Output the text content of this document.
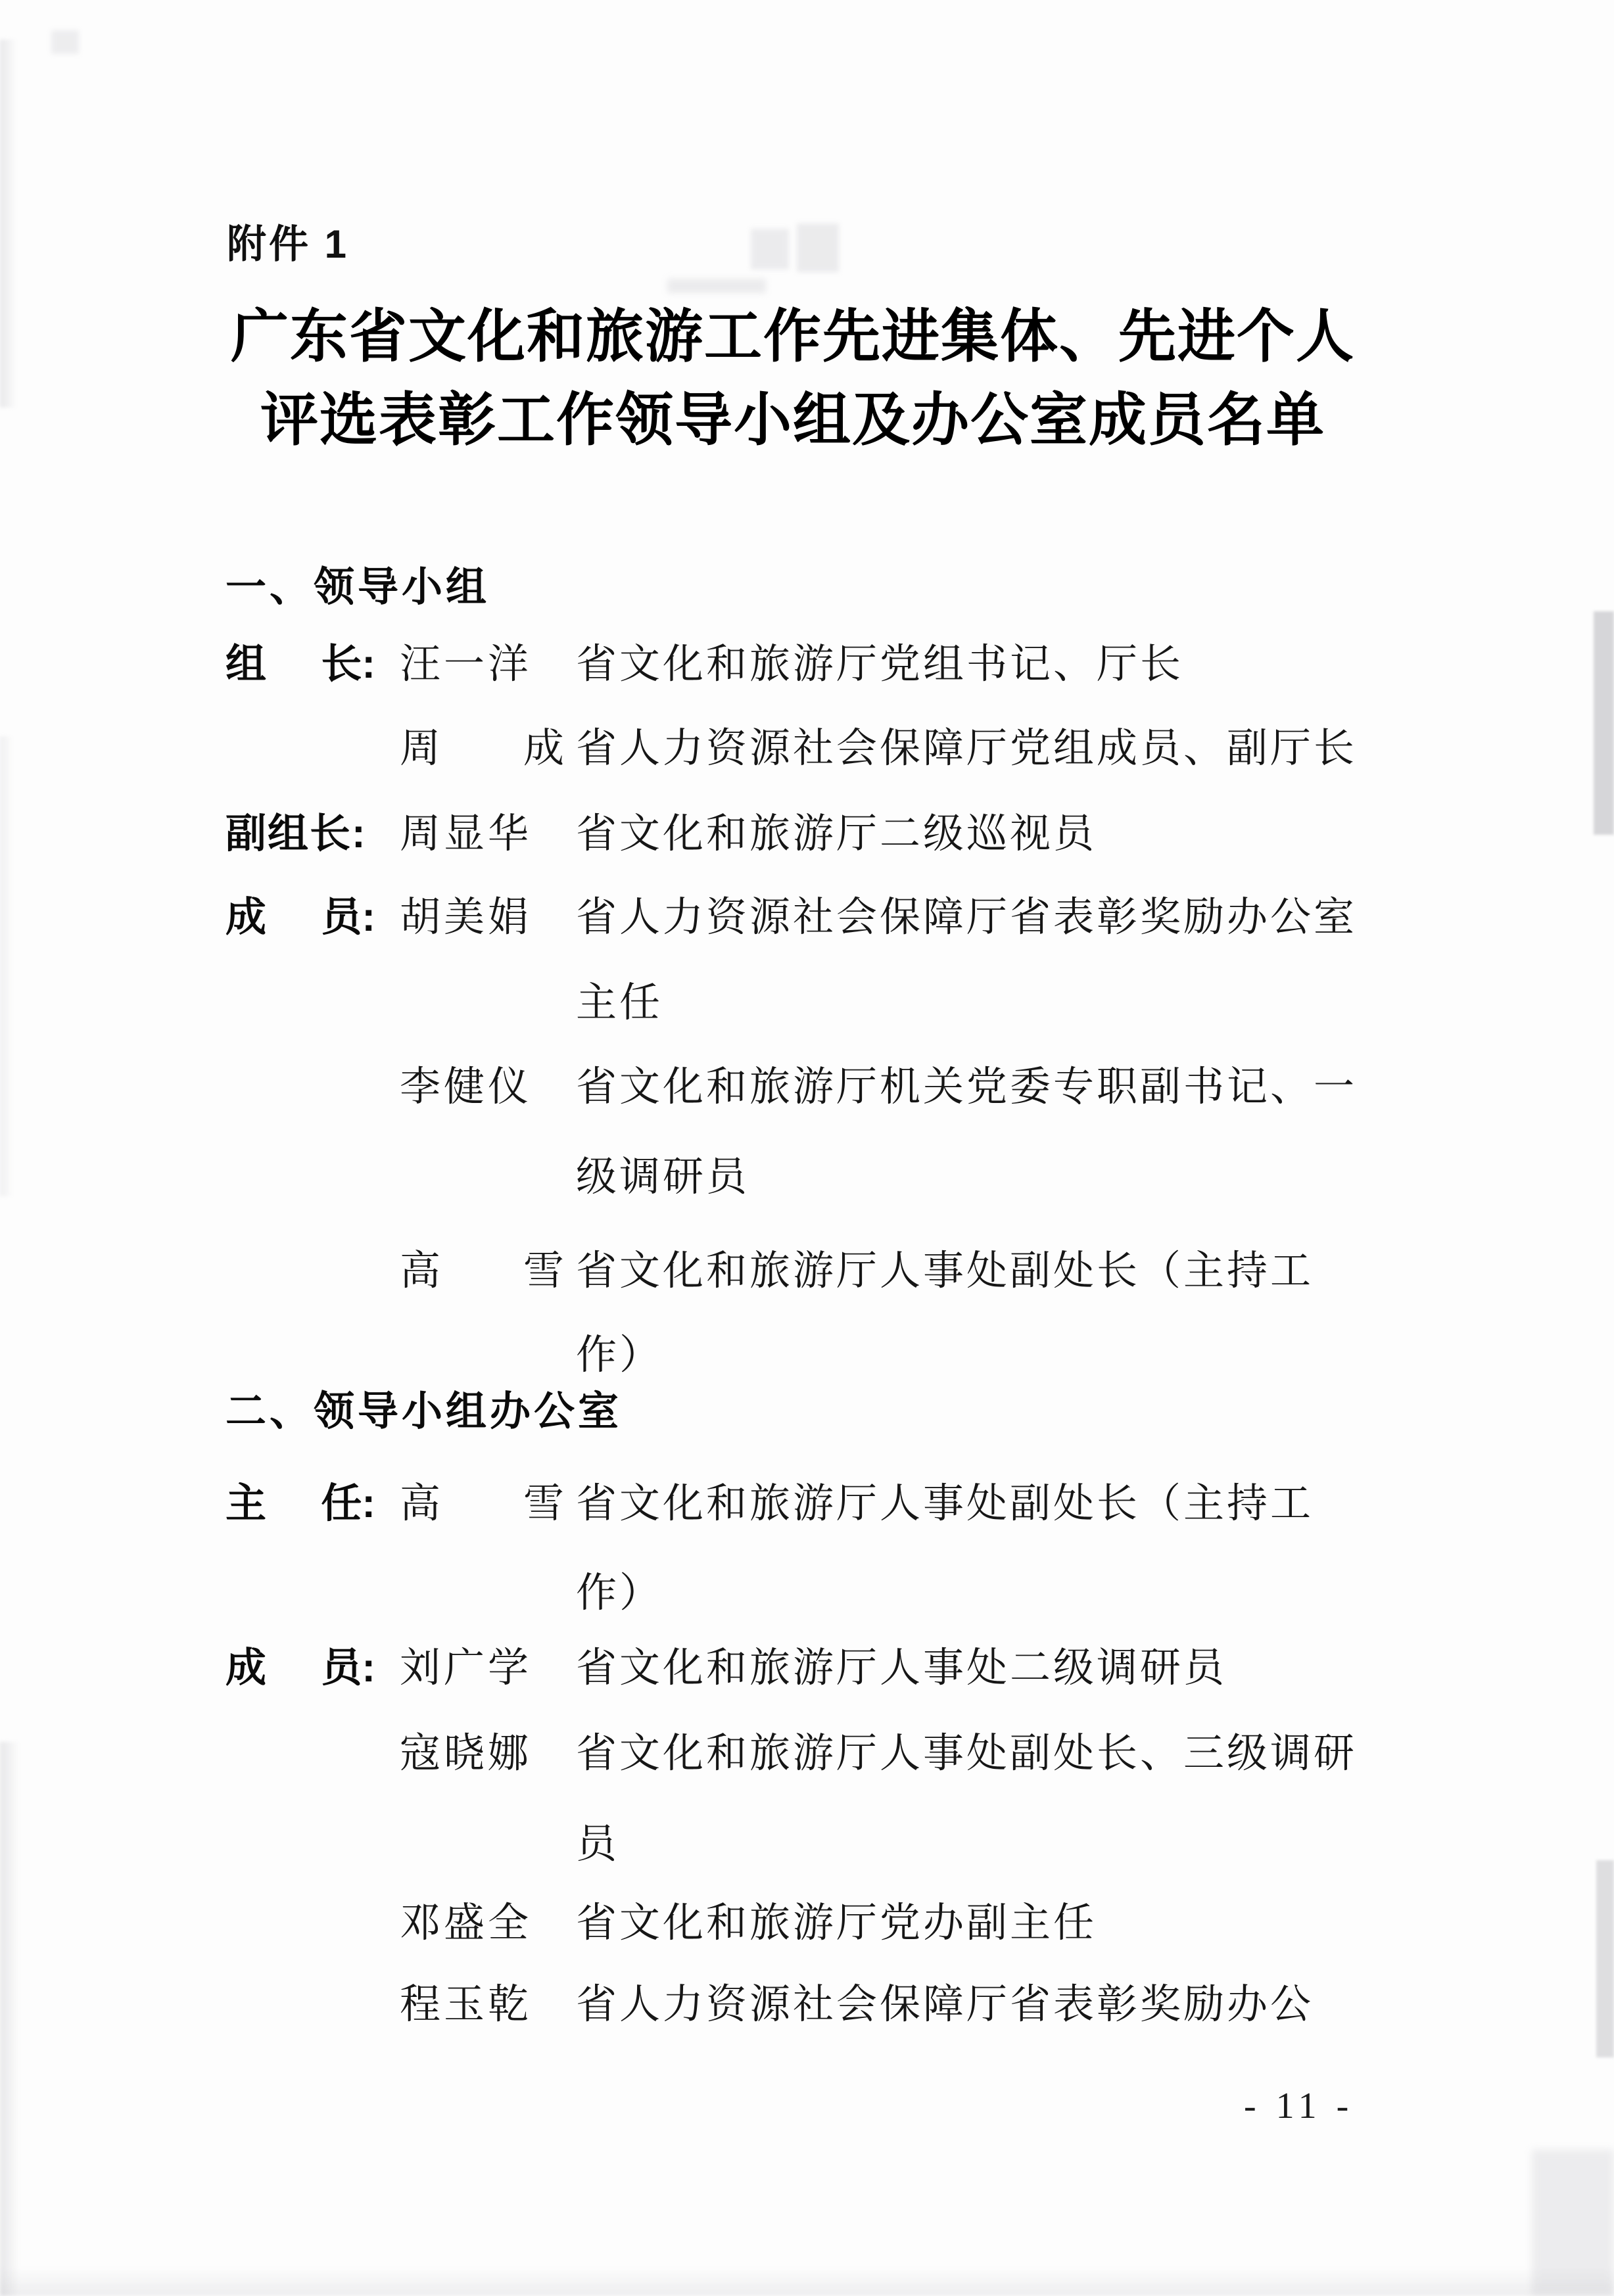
附件 1
广东省文化和旅游工作先进集体、先进个人
评选表彰工作领导小组及办公室成员名单
一、领导小组
组 长: 汪一洋 省文化和旅游厅党组书记、厅长
周 成 省人力资源社会保障厅党组成员、副厅长
副组长: 周显华 省文化和旅游厅二级巡视员
成 员: 胡美娟 省人力资源社会保障厅省表彰奖励办公室
主任
李健仪 省文化和旅游厅机关党委专职副书记、一
级调研员
高 雪 省文化和旅游厅人事处副处长（主持工
作）
二、领导小组办公室
主 任: 高 雪 省文化和旅游厅人事处副处长（主持工
作）
成 员: 刘广学 省文化和旅游厅人事处二级调研员
寇晓娜 省文化和旅游厅人事处副处长、三级调研
员
邓盛全 省文化和旅游厅党办副主任
程玉乾 省人力资源社会保障厅省表彰奖励办公
- 11 -
